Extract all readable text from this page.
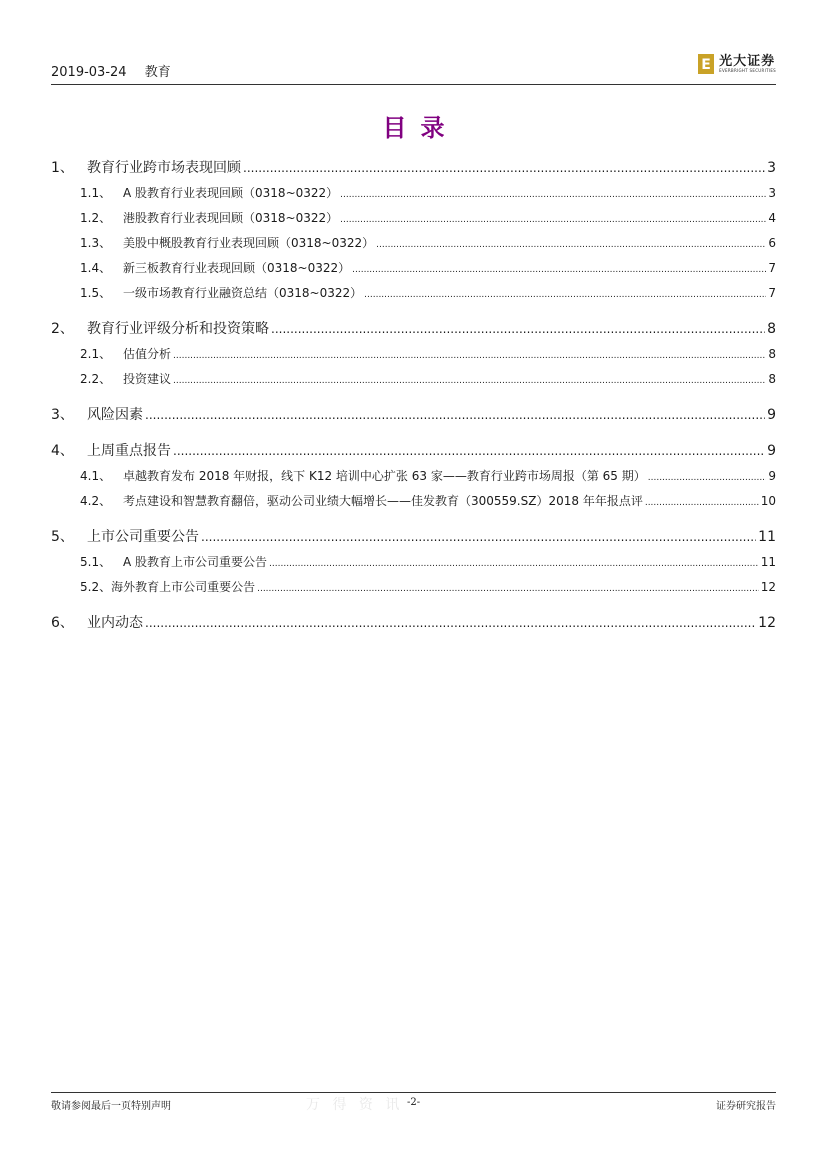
2019-03-24 教育	E 光大证券
EVERBRIGHT SECURITIES
目录
1、 教育行业跨市场表现回顾 .....	3
1.1、 A 股教育行业表现回顾（0318~0322） .....	3
1.2、 港股教育行业表现回顾（0318~0322） .....	4
1.3、 美股中概股教育行业表现回顾（0318~0322） .....	6
1.4、 新三板教育行业表现回顾（0318~0322） .....	7
1.5、 一级市场教育行业融资总结（0318~0322） .....	7
2、 教育行业评级分析和投资策略 .....	8
2.1、 估值分析 .....	8
2.2、 投资建议 .....	8
3、 风险因素 .....	9
4、 上周重点报告 .....	9
4.1、 卓越教育发布 2018 年财报，线下 K12 培训中心扩张 63 家——教育行业跨市场周报（第 65 期） .....	9
4.2、 考点建设和智慧教育翻倍，驱动公司业绩大幅增长——佳发教育（300559.SZ）2018 年年报点评 .....	10
5、 上市公司重要公告 .....	11
5.1、 A 股教育上市公司重要公告 .....	11
5.2、海外教育上市公司重要公告 .....	12
6、 业内动态 .....	12
敬请参阅最后一页特别声明	万 得 资 讯 -2-	证券研究报告
